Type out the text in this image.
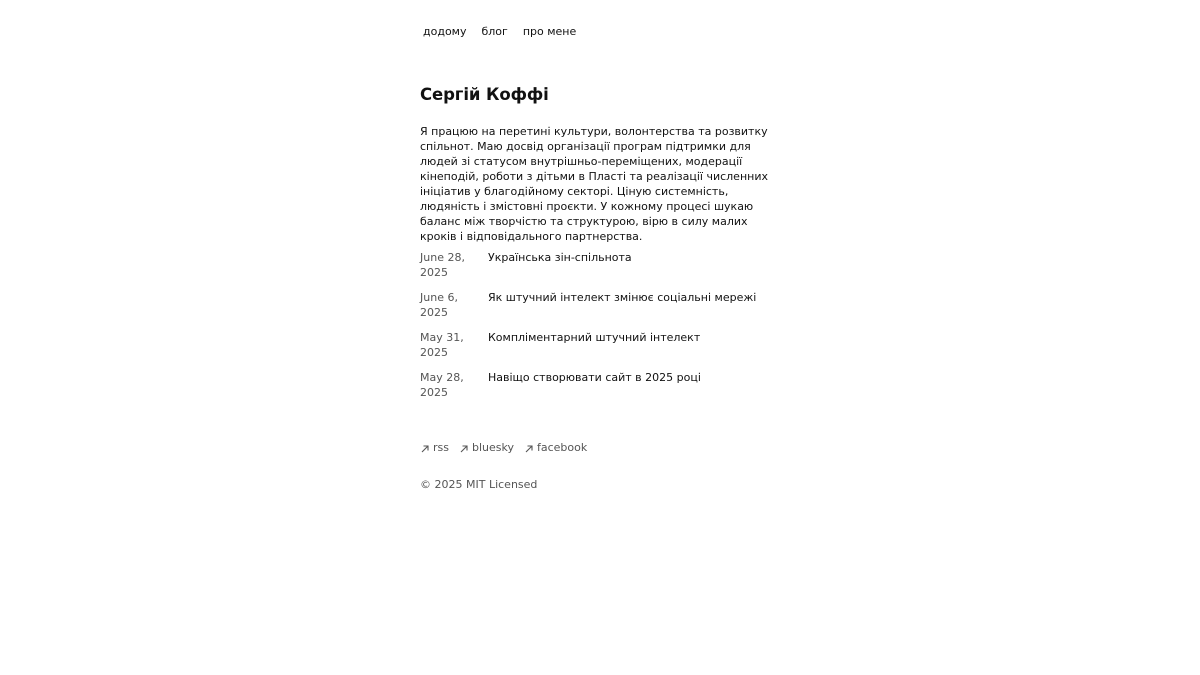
додому блог про мене
Сергій Коффі

Я працюю на перетині культури, волонтерства та розвитку спільнот. Маю досвід організації програм підтримки для людей зі статусом внутрішньо-переміщених, модерації кінеподій, роботи з дітьми в Пласті та реалізації численних ініціатив у благодійному секторі. Ціную системність, людяність і змістовні проєкти. У кожному процесі шукаю баланс між творчістю та структурою, вірю в силу малих кроків і відповідального партнерства.

June 28, 2025
Українська зін-спільнота
June 6, 2025
Як штучний інтелект змінює соціальні мережі
May 31, 2025
Компліментарний штучний інтелект
May 28, 2025
Навіщо створювати сайт в 2025 році
rss bluesky facebook

© 2025 MIT Licensed
